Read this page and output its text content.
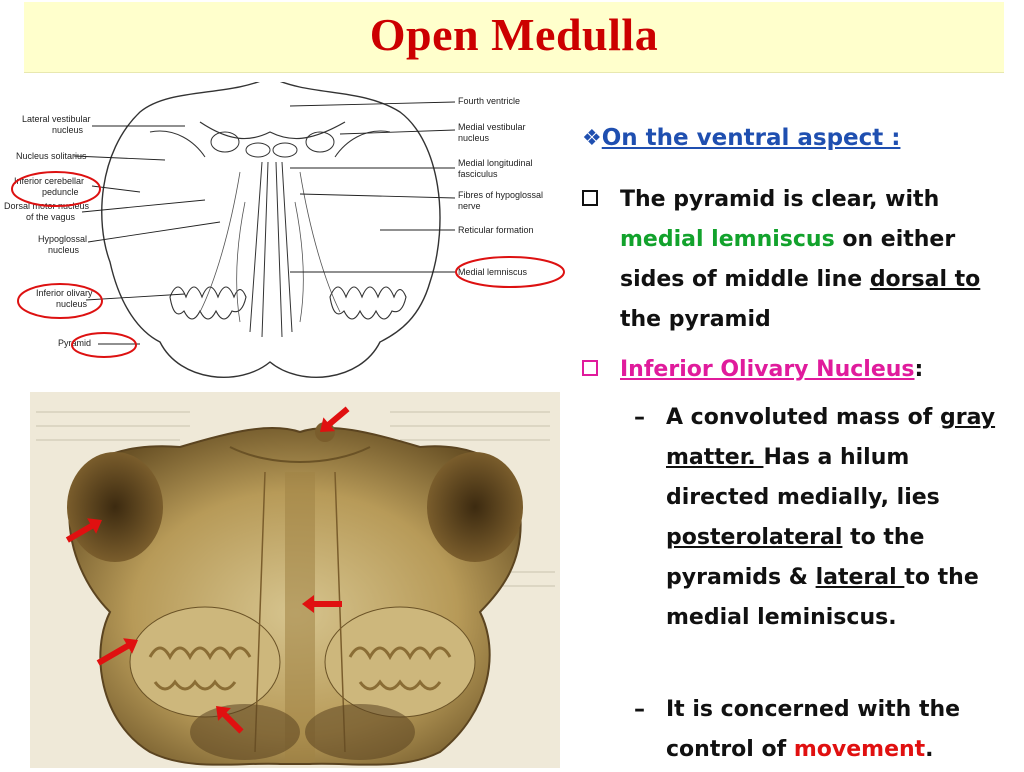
Open Medulla
Lateral vestibular
nucleus
Nucleus solitarius
Inferior cerebellar
peduncle
Dorsal motor nucleus
of the vagus
Hypoglossal
nucleus
Inferior olivary
nucleus
Pyramid
Fourth ventricle
Medial vestibular
nucleus
Medial longitudinal
fasciculus
Fibres of hypoglossal
nerve
Reticular formation
Medial lemniscus
❖On the ventral aspect :
The pyramid is clear, with medial lemniscus on either sides of middle line dorsal to the pyramid
Inferior Olivary Nucleus:
– A convoluted mass of gray matter. Has a hilum directed medially, lies posterolateral to the pyramids & lateral to the medial leminiscus.
– It is concerned with the control of movement.
